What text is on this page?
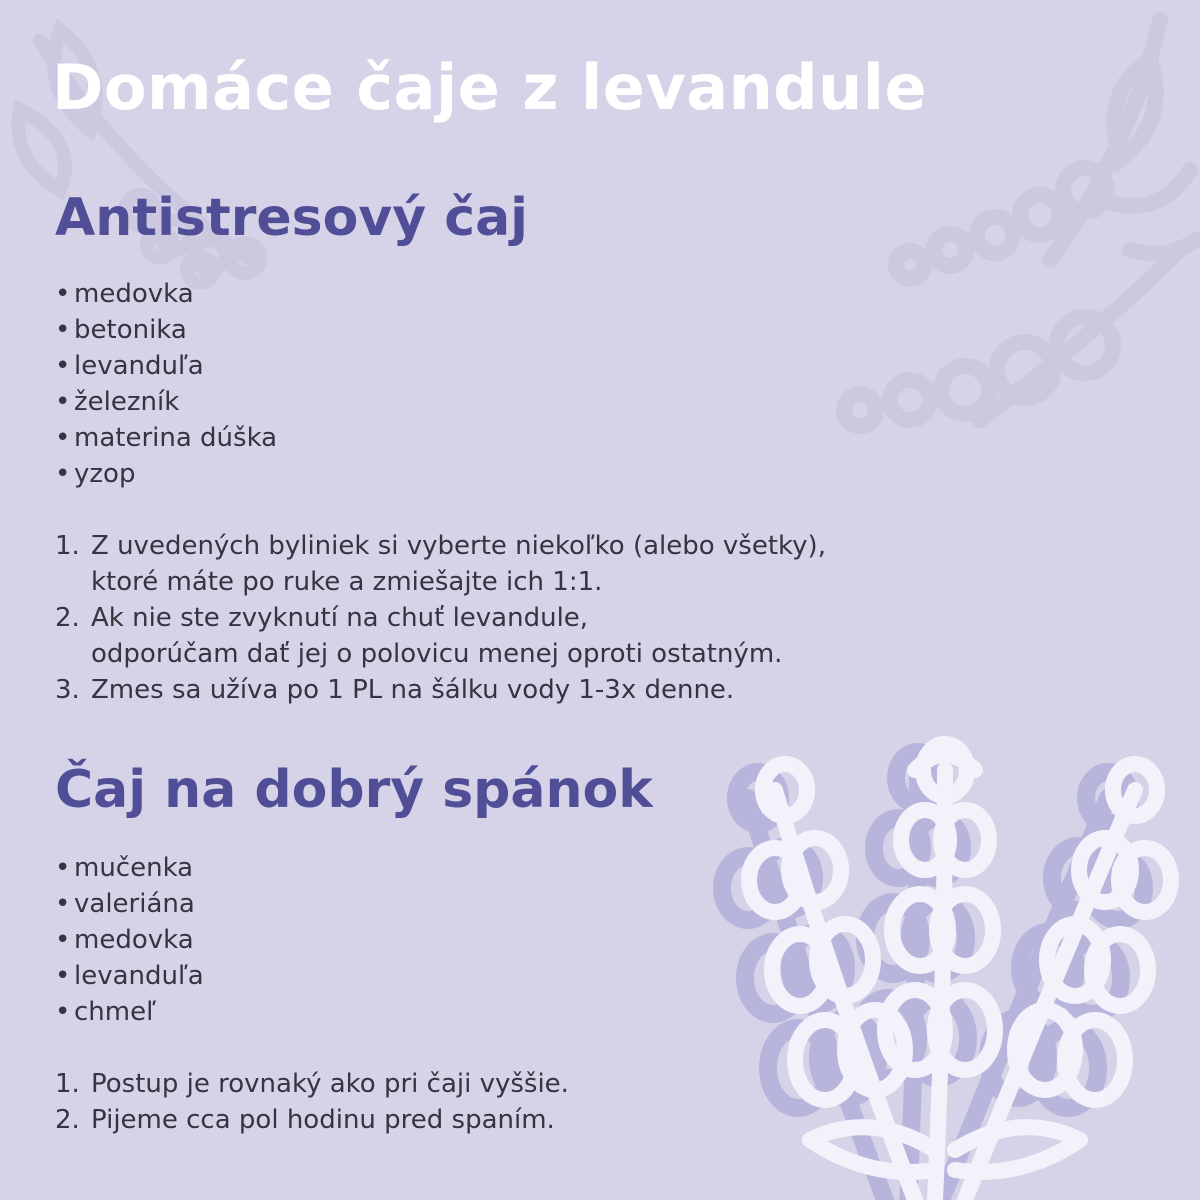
Domáce čaje z levandule
Antistresový čaj
• medovka
• betonika
• levanduľa
• železník
• materina dúška
• yzop
1. Z uvedených byliniek si vyberte niekoľko (alebo všetky),
ktoré máte po ruke a zmiešajte ich 1:1.
2. Ak nie ste zvyknutí na chuť levandule,
odporúčam dať jej o polovicu menej oproti ostatným.
3. Zmes sa užíva po 1 PL na šálku vody 1-3x denne.
Čaj na dobrý spánok
• mučenka
• valeriána
• medovka
• levanduľa
• chmeľ
1. Postup je rovnaký ako pri čaji vyššie.
2. Pijeme cca pol hodinu pred spaním.
